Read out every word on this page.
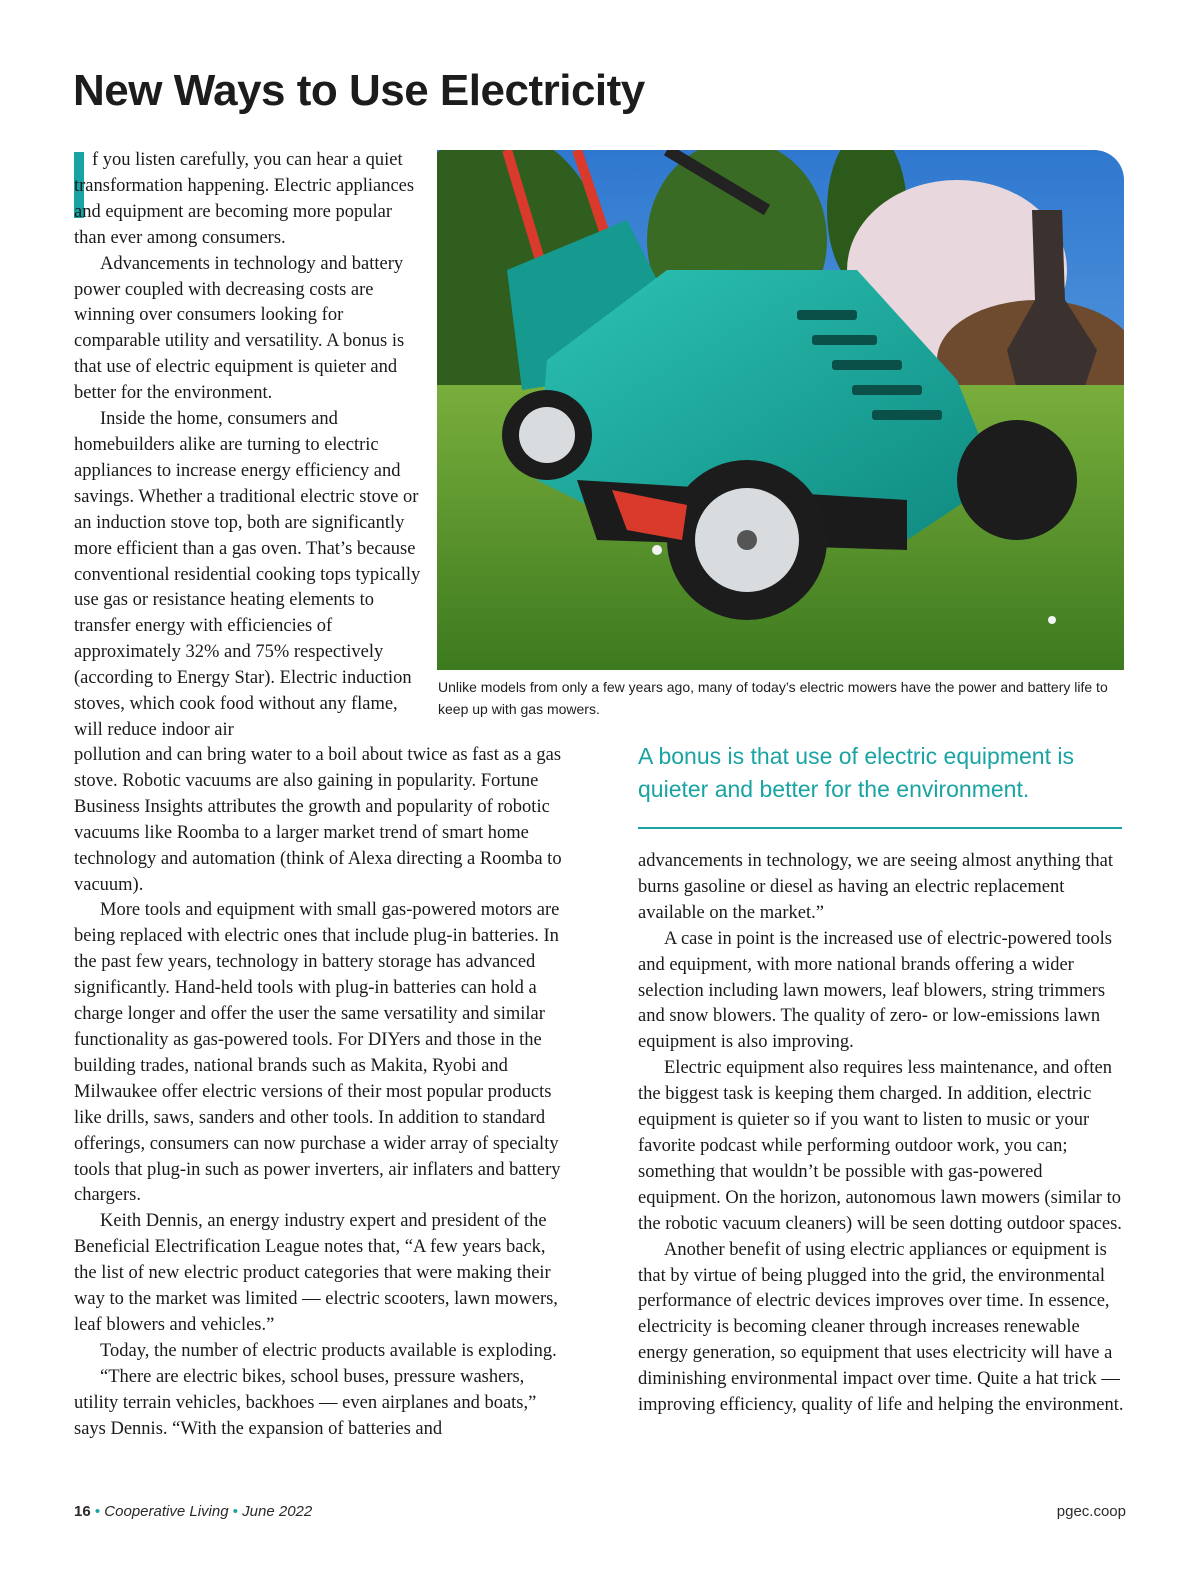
New Ways to Use Electricity

f you listen carefully, you can hear a quiet transformation happening. Electric appliances and equipment are becoming more popular than ever among consumers.

Advancements in technology and battery power coupled with decreasing costs are winning over consumers looking for comparable utility and versatility. A bonus is that use of electric equipment is quieter and better for the environment.

Inside the home, consumers and homebuilders alike are turning to electric appliances to increase energy efficiency and savings. Whether a traditional electric stove or an induction stove top, both are significantly more efficient than a gas oven. That’s because conventional residential cooking tops typically use gas or resistance heating elements to transfer energy with efficiencies of approximately 32% and 75% respectively (according to Energy Star). Electric induction stoves, which cook food without any flame, will reduce indoor air

Unlike models from only a few years ago, many of today’s electric mowers have the power and battery life to keep up with gas mowers.
A bonus is that use of electric equipment is quieter and better for the environment.

pollution and can bring water to a boil about twice as fast as a gas stove. Robotic vacuums are also gaining in popularity. Fortune Business Insights attributes the growth and popularity of robotic vacuums like Roomba to a larger market trend of smart home technology and automation (think of Alexa directing a Roomba to vacuum).

More tools and equipment with small gas-powered motors are being replaced with electric ones that include plug-in batteries. In the past few years, technology in battery storage has advanced significantly. Hand-held tools with plug-in batteries can hold a charge longer and offer the user the same versatility and similar functionality as gas-powered tools. For DIYers and those in the building trades, national brands such as Makita, Ryobi and Milwaukee offer electric versions of their most popular products like drills, saws, sanders and other tools. In addition to standard offerings, consumers can now purchase a wider array of specialty tools that plug-in such as power inverters, air inflaters and battery chargers.

Keith Dennis, an energy industry expert and president of the Beneficial Electrification League notes that, “A few years back, the list of new electric product categories that were making their way to the market was limited — electric scooters, lawn mowers, leaf blowers and vehicles.”

Today, the number of electric products available is exploding.

“There are electric bikes, school buses, pressure washers, utility terrain vehicles, backhoes — even airplanes and boats,” says Dennis. “With the expansion of batteries and

advancements in technology, we are seeing almost anything that burns gasoline or diesel as having an electric replacement available on the market.”

A case in point is the increased use of electric-powered tools and equipment, with more national brands offering a wider selection including lawn mowers, leaf blowers, string trimmers and snow blowers. The quality of zero- or low-emissions lawn equipment is also improving.

Electric equipment also requires less maintenance, and often the biggest task is keeping them charged. In addition, electric equipment is quieter so if you want to listen to music or your favorite podcast while performing outdoor work, you can; something that wouldn’t be possible with gas-powered equipment. On the horizon, autonomous lawn mowers (similar to the robotic vacuum cleaners) will be seen dotting outdoor spaces.

Another benefit of using electric appliances or equipment is that by virtue of being plugged into the grid, the environmental performance of electric devices improves over time. In essence, electricity is becoming cleaner through increases renewable energy generation, so equipment that uses electricity will have a diminishing environmental impact over time. Quite a hat trick — improving efficiency, quality of life and helping the environment.

16 • Cooperative Living • June 2022	pgec.coop
